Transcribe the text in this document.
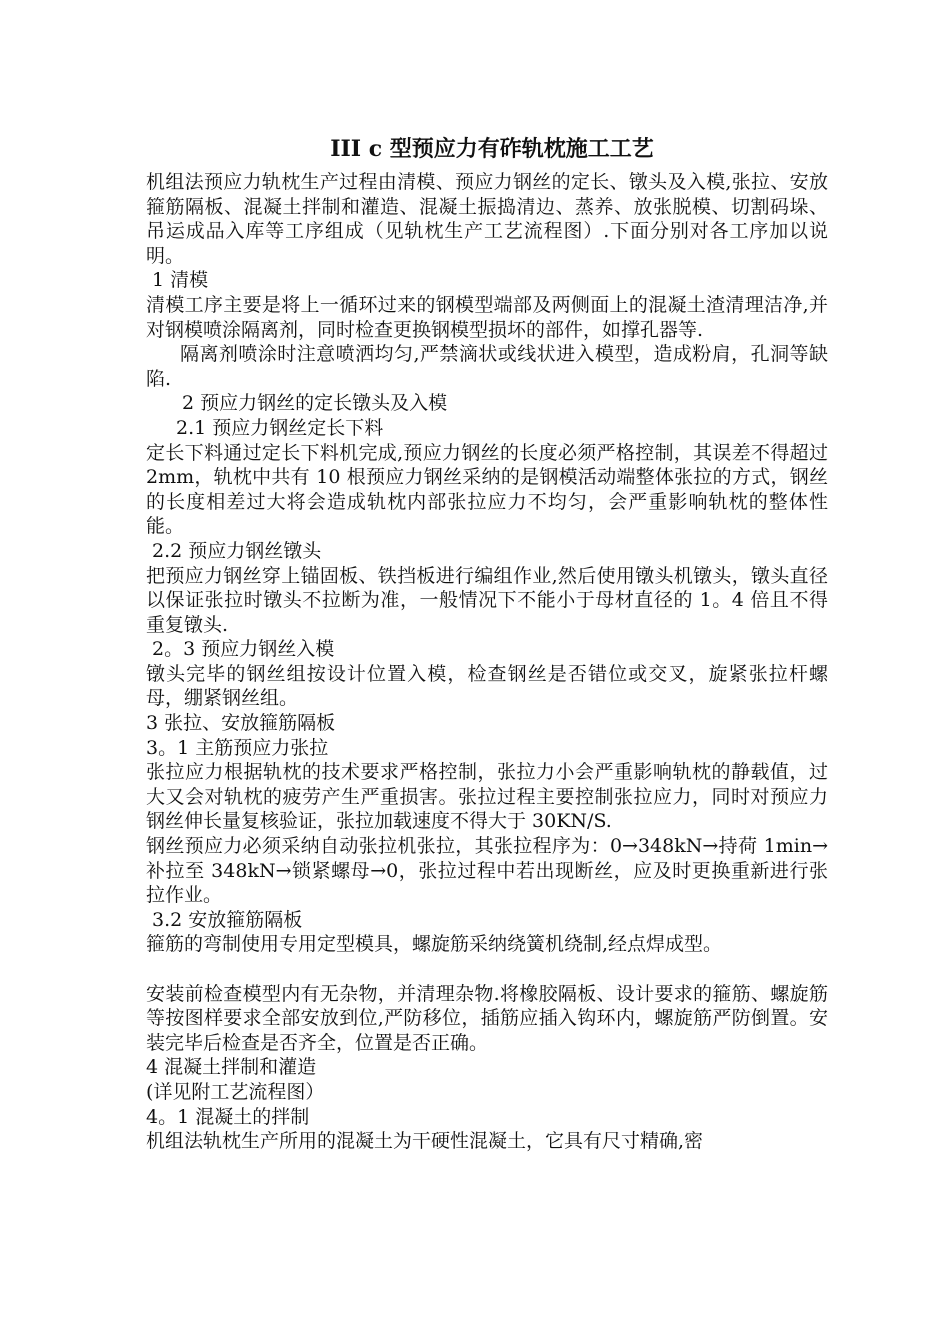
III c 型预应力有砟轨枕施工工艺
机组法预应力轨枕生产过程由清模、预应力钢丝的定长、镦头及入模,张拉、安放箍筋隔板、混凝土拌制和灌造、混凝土振捣清边、蒸养、放张脱模、切割码垛、吊运成品入库等工序组成（见轨枕生产工艺流程图）.下面分别对各工序加以说明。
1 清模
清模工序主要是将上一循环过来的钢模型端部及两侧面上的混凝土渣清理洁净,并对钢模喷涂隔离剂，同时检查更换钢模型损坏的部件，如撑孔器等.
隔离剂喷涂时注意喷洒均匀,严禁滴状或线状进入模型，造成粉肩，孔洞等缺陷.
2 预应力钢丝的定长镦头及入模
2.1 预应力钢丝定长下料
定长下料通过定长下料机完成,预应力钢丝的长度必须严格控制，其误差不得超过 2mm，轨枕中共有 10 根预应力钢丝采纳的是钢模活动端整体张拉的方式，钢丝的长度相差过大将会造成轨枕内部张拉应力不均匀，会严重影响轨枕的整体性能。
2.2 预应力钢丝镦头
把预应力钢丝穿上锚固板、铁挡板进行编组作业,然后使用镦头机镦头，镦头直径以保证张拉时镦头不拉断为准，一般情况下不能小于母材直径的 1。4 倍且不得重复镦头.
2。3 预应力钢丝入模
镦头完毕的钢丝组按设计位置入模，检查钢丝是否错位或交叉，旋紧张拉杆螺母，绷紧钢丝组。
3 张拉、安放箍筋隔板
3。1 主筋预应力张拉
张拉应力根据轨枕的技术要求严格控制，张拉力小会严重影响轨枕的静载值，过大又会对轨枕的疲劳产生严重损害。张拉过程主要控制张拉应力，同时对预应力钢丝伸长量复核验证，张拉加载速度不得大于 30KN/S.
钢丝预应力必须采纳自动张拉机张拉，其张拉程序为：0→348kN→持荷 1min→补拉至 348kN→锁紧螺母→0，张拉过程中若出现断丝，应及时更换重新进行张拉作业。
3.2 安放箍筋隔板
箍筋的弯制使用专用定型模具，螺旋筋采纳绕簧机绕制,经点焊成型。
安装前检查模型内有无杂物，并清理杂物.将橡胶隔板、设计要求的箍筋、螺旋筋等按图样要求全部安放到位,严防移位，插筋应插入钩环内，螺旋筋严防倒置。安装完毕后检查是否齐全，位置是否正确。
4 混凝土拌制和灌造
(详见附工艺流程图）
4。1 混凝土的拌制
机组法轨枕生产所用的混凝土为干硬性混凝土，它具有尺寸精确,密
